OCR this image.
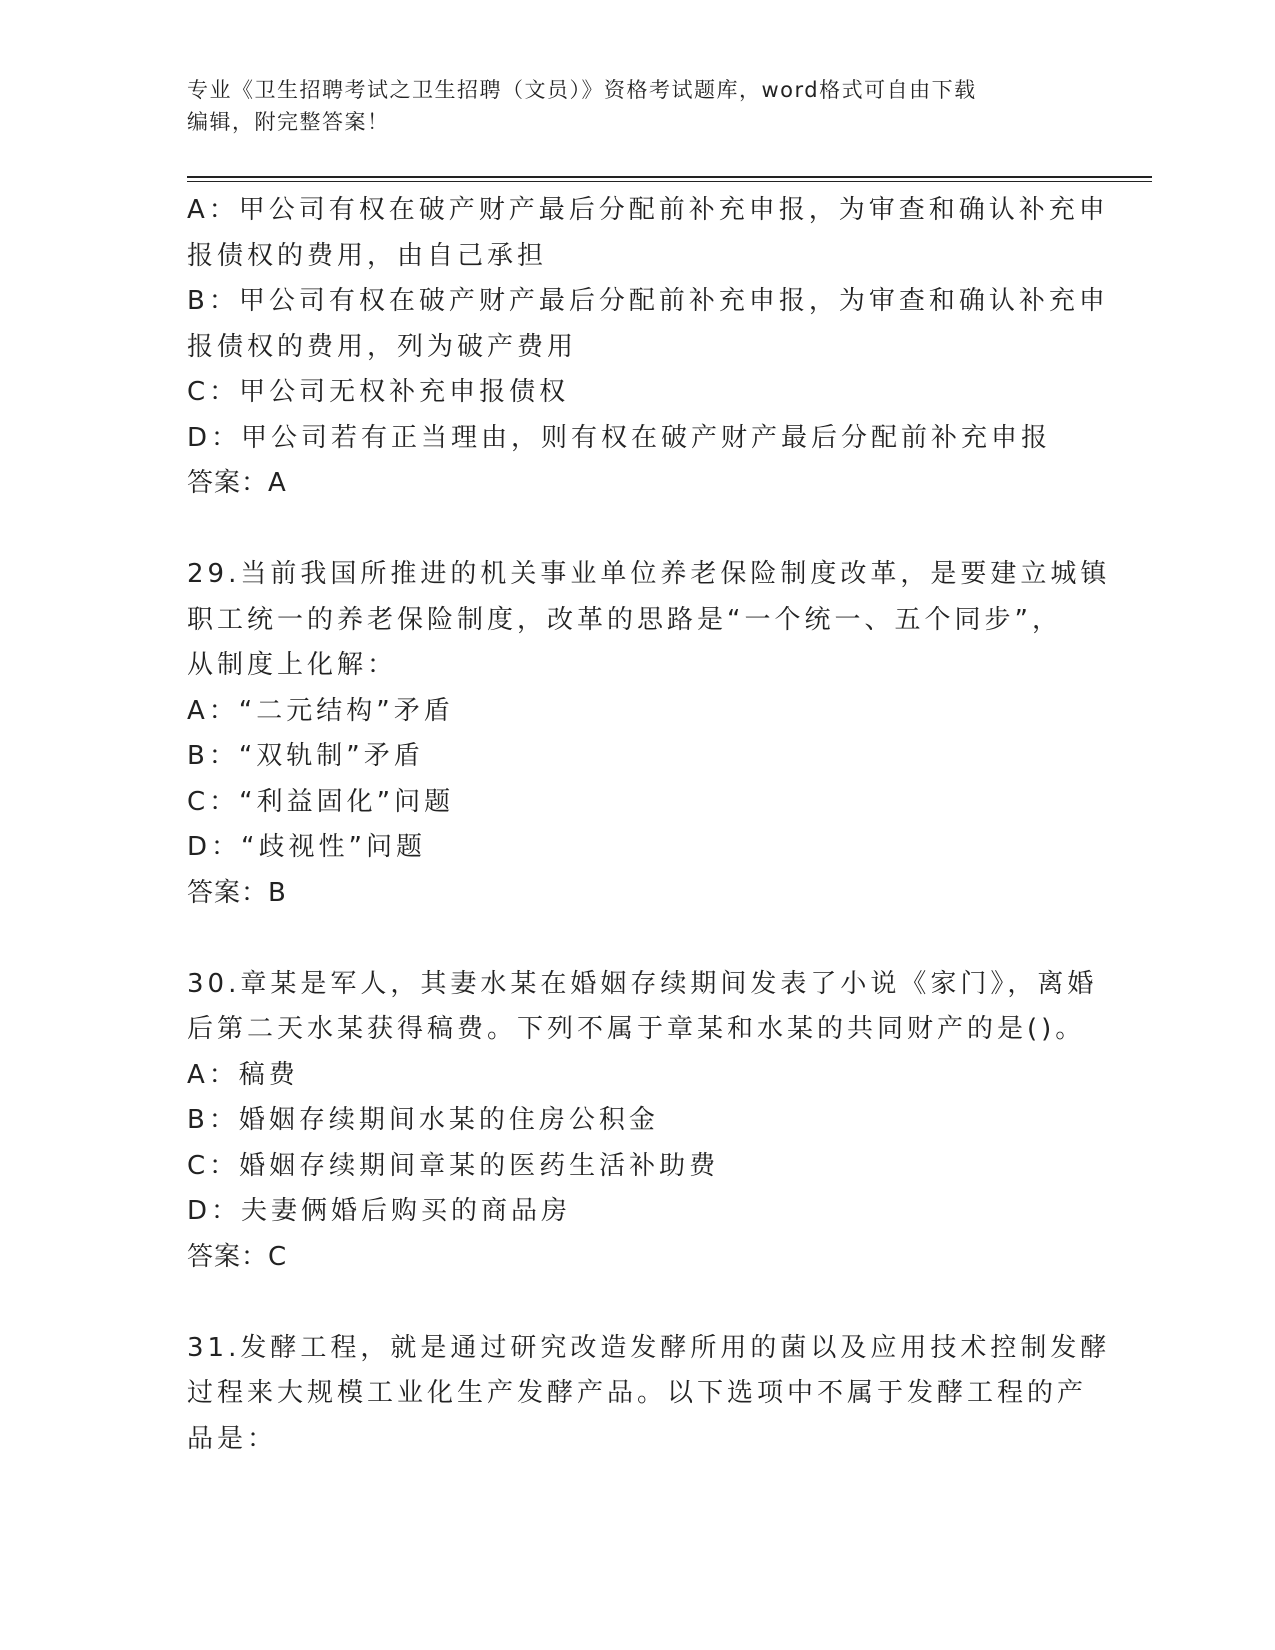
专业《卫生招聘考试之卫生招聘（文员）》资格考试题库，word格式可自由下载
编辑，附完整答案！
A：甲公司有权在破产财产最后分配前补充申报，为审查和确认补充申
报债权的费用，由自己承担
B：甲公司有权在破产财产最后分配前补充申报，为审查和确认补充申
报债权的费用，列为破产费用
C：甲公司无权补充申报债权
D：甲公司若有正当理由，则有权在破产财产最后分配前补充申报
答案：A
29.当前我国所推进的机关事业单位养老保险制度改革，是要建立城镇
职工统一的养老保险制度，改革的思路是“一个统一、五个同步”，
从制度上化解：
A：“二元结构”矛盾
B：“双轨制”矛盾
C：“利益固化”问题
D：“歧视性”问题
答案：B
30.章某是军人，其妻水某在婚姻存续期间发表了小说《家门》，离婚
后第二天水某获得稿费。下列不属于章某和水某的共同财产的是()。
A：稿费
B：婚姻存续期间水某的住房公积金
C：婚姻存续期间章某的医药生活补助费
D：夫妻俩婚后购买的商品房
答案：C
31.发酵工程，就是通过研究改造发酵所用的菌以及应用技术控制发酵
过程来大规模工业化生产发酵产品。以下选项中不属于发酵工程的产
品是：
